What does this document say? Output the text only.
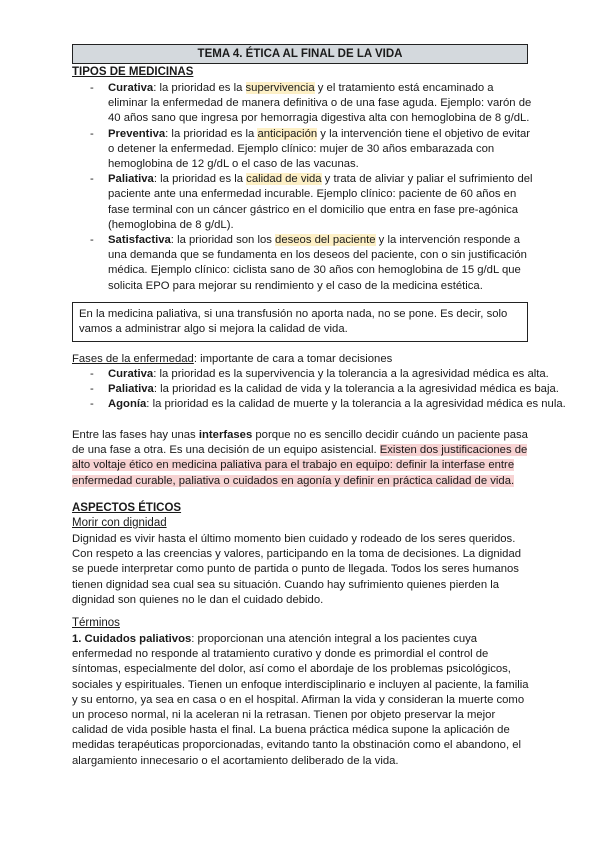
TEMA 4. ÉTICA AL FINAL DE LA VIDA
TIPOS DE MEDICINAS
- Curativa: la prioridad es la supervivencia y el tratamiento está encaminado a eliminar la enfermedad de manera definitiva o de una fase aguda. Ejemplo: varón de 40 años sano que ingresa por hemorragia digestiva alta con hemoglobina de 8 g/dL.
- Preventiva: la prioridad es la anticipación y la intervención tiene el objetivo de evitar o detener la enfermedad. Ejemplo clínico: mujer de 30 años embarazada con hemoglobina de 12 g/dL o el caso de las vacunas.
- Paliativa: la prioridad es la calidad de vida y trata de aliviar y paliar el sufrimiento del paciente ante una enfermedad incurable. Ejemplo clínico: paciente de 60 años en fase terminal con un cáncer gástrico en el domicilio que entra en fase pre-agónica (hemoglobina de 8 g/dL).
- Satisfactiva: la prioridad son los deseos del paciente y la intervención responde a una demanda que se fundamenta en los deseos del paciente, con o sin justificación médica. Ejemplo clínico: ciclista sano de 30 años con hemoglobina de 15 g/dL que solicita EPO para mejorar su rendimiento y el caso de la medicina estética.
En la medicina paliativa, si una transfusión no aporta nada, no se pone. Es decir, solo vamos a administrar algo si mejora la calidad de vida.
Fases de la enfermedad: importante de cara a tomar decisiones
- Curativa: la prioridad es la supervivencia y la tolerancia a la agresividad médica es alta.
- Paliativa: la prioridad es la calidad de vida y la tolerancia a la agresividad médica es baja.
- Agonía: la prioridad es la calidad de muerte y la tolerancia a la agresividad médica es nula.
Entre las fases hay unas interfases porque no es sencillo decidir cuándo un paciente pasa de una fase a otra. Es una decisión de un equipo asistencial. Existen dos justificaciones de alto voltaje ético en medicina paliativa para el trabajo en equipo: definir la interfase entre enfermedad curable, paliativa o cuidados en agonía y definir en práctica calidad de vida.
ASPECTOS ÉTICOS
Morir con dignidad
Dignidad es vivir hasta el último momento bien cuidado y rodeado de los seres queridos. Con respeto a las creencias y valores, participando en la toma de decisiones. La dignidad se puede interpretar como punto de partida o punto de llegada. Todos los seres humanos tienen dignidad sea cual sea su situación. Cuando hay sufrimiento quienes pierden la dignidad son quienes no le dan el cuidado debido.
Términos
1. Cuidados paliativos: proporcionan una atención integral a los pacientes cuya enfermedad no responde al tratamiento curativo y donde es primordial el control de síntomas, especialmente del dolor, así como el abordaje de los problemas psicológicos, sociales y espirituales. Tienen un enfoque interdisciplinario e incluyen al paciente, la familia y su entorno, ya sea en casa o en el hospital. Afirman la vida y consideran la muerte como un proceso normal, ni la aceleran ni la retrasan. Tienen por objeto preservar la mejor calidad de vida posible hasta el final. La buena práctica médica supone la aplicación de medidas terapéuticas proporcionadas, evitando tanto la obstinación como el abandono, el alargamiento innecesario o el acortamiento deliberado de la vida.
